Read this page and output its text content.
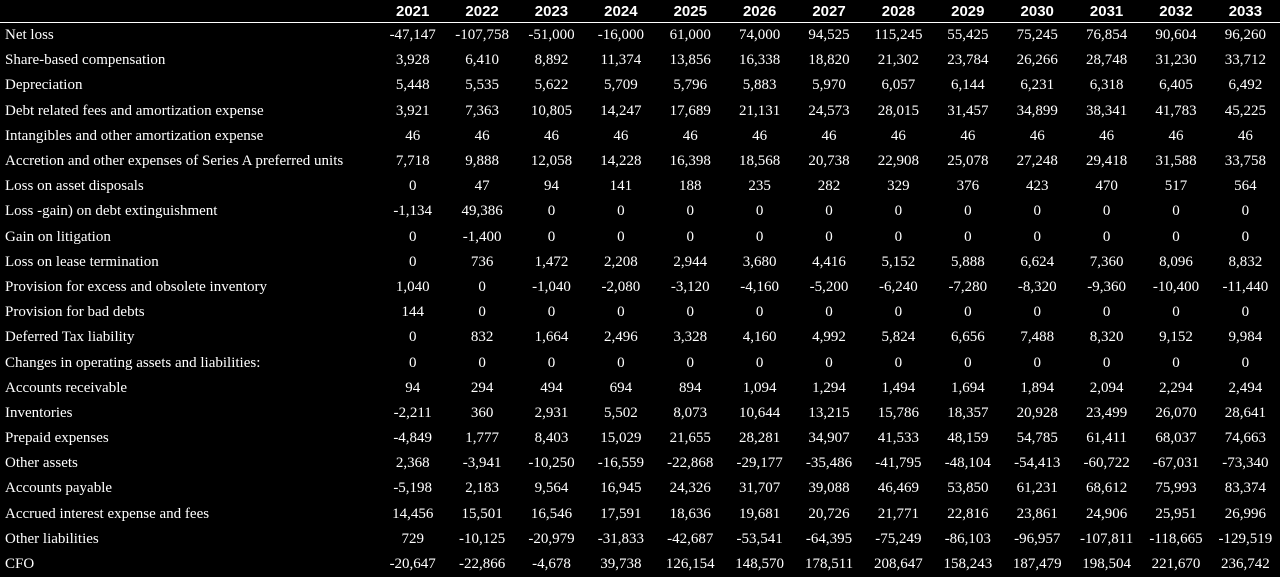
	2021	2022	2023	2024	2025	2026	2027	2028	2029	2030	2031	2032	2033
Net loss	-47,147	-107,758	-51,000	-16,000	61,000	74,000	94,525	115,245	55,425	75,245	76,854	90,604	96,260
Share-based compensation	3,928	6,410	8,892	11,374	13,856	16,338	18,820	21,302	23,784	26,266	28,748	31,230	33,712
Depreciation	5,448	5,535	5,622	5,709	5,796	5,883	5,970	6,057	6,144	6,231	6,318	6,405	6,492
Debt related fees and amortization expense	3,921	7,363	10,805	14,247	17,689	21,131	24,573	28,015	31,457	34,899	38,341	41,783	45,225
Intangibles and other amortization expense	46	46	46	46	46	46	46	46	46	46	46	46	46
Accretion and other expenses of Series A preferred units	7,718	9,888	12,058	14,228	16,398	18,568	20,738	22,908	25,078	27,248	29,418	31,588	33,758
Loss on asset disposals	0	47	94	141	188	235	282	329	376	423	470	517	564
Loss -gain) on debt extinguishment	-1,134	49,386	0	0	0	0	0	0	0	0	0	0	0
Gain on litigation	0	-1,400	0	0	0	0	0	0	0	0	0	0	0
Loss on lease termination	0	736	1,472	2,208	2,944	3,680	4,416	5,152	5,888	6,624	7,360	8,096	8,832
Provision for excess and obsolete inventory	1,040	0	-1,040	-2,080	-3,120	-4,160	-5,200	-6,240	-7,280	-8,320	-9,360	-10,400	-11,440
Provision for bad debts	144	0	0	0	0	0	0	0	0	0	0	0	0
Deferred Tax liability	0	832	1,664	2,496	3,328	4,160	4,992	5,824	6,656	7,488	8,320	9,152	9,984
Changes in operating assets and liabilities:	0	0	0	0	0	0	0	0	0	0	0	0	0
Accounts receivable	94	294	494	694	894	1,094	1,294	1,494	1,694	1,894	2,094	2,294	2,494
Inventories	-2,211	360	2,931	5,502	8,073	10,644	13,215	15,786	18,357	20,928	23,499	26,070	28,641
Prepaid expenses	-4,849	1,777	8,403	15,029	21,655	28,281	34,907	41,533	48,159	54,785	61,411	68,037	74,663
Other assets	2,368	-3,941	-10,250	-16,559	-22,868	-29,177	-35,486	-41,795	-48,104	-54,413	-60,722	-67,031	-73,340
Accounts payable	-5,198	2,183	9,564	16,945	24,326	31,707	39,088	46,469	53,850	61,231	68,612	75,993	83,374
Accrued interest expense and fees	14,456	15,501	16,546	17,591	18,636	19,681	20,726	21,771	22,816	23,861	24,906	25,951	26,996
Other liabilities	729	-10,125	-20,979	-31,833	-42,687	-53,541	-64,395	-75,249	-86,103	-96,957	-107,811	-118,665	-129,519
CFO	-20,647	-22,866	-4,678	39,738	126,154	148,570	178,511	208,647	158,243	187,479	198,504	221,670	236,742
